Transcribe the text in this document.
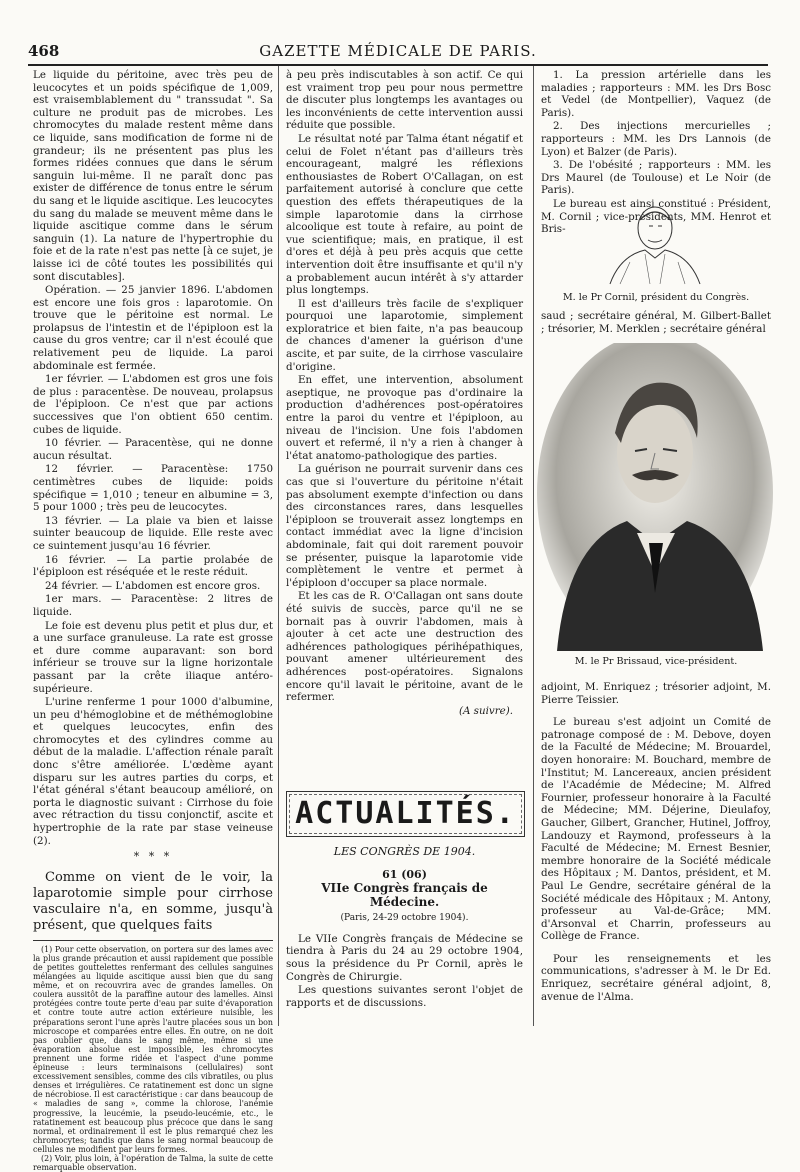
468	GAZETTE MÉDICALE DE PARIS.

Le liquide du péritoine, avec très peu de leucocytes et un poids spécifique de 1,009, est vraisemblablement du " transsudat ". Sa culture ne produit pas de microbes. Les chromocytes du malade restent même dans ce liquide, sans modification de forme ni de grandeur; ils ne présentent pas plus les formes ridées connues que dans le sérum sanguin lui-même. Il ne paraît donc pas exister de différence de tonus entre le sérum du sang et le liquide ascitique. Les leucocytes du sang du malade se meuvent même dans le liquide ascitique comme dans le sérum sanguin (1). La nature de l'hypertrophie du foie et de la rate n'est pas nette [à ce sujet, je laisse ici de côté toutes les possibilités qui sont discutables].

Opération. — 25 janvier 1896. L'abdomen est encore une fois gros : laparotomie. On trouve que le péritoine est normal. Le prolapsus de l'intestin et de l'épiploon est la cause du gros ventre; car il n'est écoulé que relativement peu de liquide. La paroi abdominale est fermée.

1er février. — L'abdomen est gros une fois de plus : paracentèse. De nouveau, prolapsus de l'épiploon. Ce n'est que par actions successives que l'on obtient 650 centim. cubes de liquide.

10 février. — Paracentèse, qui ne donne aucun résultat.

12 février. — Paracentèse: 1750 centimètres cubes de liquide: poids spécifique = 1,010 ; teneur en albumine = 3, 5 pour 1000 ; très peu de leucocytes.

13 février. — La plaie va bien et laisse suinter beaucoup de liquide. Elle reste avec ce suintement jusqu'au 16 février.

16 février. — La partie prolabée de l'épiploon est réséquée et le reste réduit.

24 février. — L'abdomen est encore gros.

1er mars. — Paracentèse: 2 litres de liquide.

Le foie est devenu plus petit et plus dur, et a une surface granuleuse. La rate est grosse et dure comme auparavant: son bord inférieur se trouve sur la ligne horizontale passant par la crête iliaque antéro-supérieure.

L'urine renferme 1 pour 1000 d'albumine, un peu d'hémoglobine et de méthémoglobine et quelques leucocytes, enfin des chromocytes et des cylindres comme au début de la maladie. L'affection rénale paraît donc s'être améliorée. L'œdème ayant disparu sur les autres parties du corps, et l'état général s'étant beaucoup amélioré, on porta le diagnostic suivant : Cirrhose du foie avec rétraction du tissu conjonctif, ascite et hypertrophie de la rate par stase veineuse (2).

* * *

Comme on vient de le voir, la laparotomie simple pour cirrhose vasculaire n'a, en somme, jusqu'à présent, que quelques faits

(1) Pour cette observation, on portera sur des lames avec la plus grande précaution et aussi rapidement que possible de petites gouttelettes renfermant des cellules sanguines mélangées au liquide ascitique aussi bien que du sang même, et on recouvrira avec de grandes lamelles. On coulera aussitôt de la paraffine autour des lamelles. Ainsi protégées contre toute perte d'eau par suite d'évaporation et contre toute autre action extérieure nuisible, les préparations seront l'une après l'autre placées sous un bon microscope et comparées entre elles. En outre, on ne doit pas oublier que, dans le sang même, même si une évaporation absolue est impossible, les chromocytes prennent une forme ridée et l'aspect d'une pomme épineuse : leurs terminaisons (cellulaires) sont excessivement sensibles, comme des cils vibratiles, ou plus denses et irrégulières. Ce ratatinement est donc un signe de nécrobiose. Il est caractéristique : car dans beaucoup de « maladies de sang », comme la chlorose, l'anémie progressive, la leucémie, la pseudo-leucémie, etc., le ratatinement est beaucoup plus précoce que dans le sang normal, et ordinairement il est le plus remarqué chez les chromocytes; tandis que dans le sang normal beaucoup de cellules ne modifient par leurs formes.

(2) Voir, plus loin, à l'opération de Talma, la suite de cette remarquable observation.

à peu près indiscutables à son actif. Ce qui est vraiment trop peu pour nous permettre de discuter plus longtemps les avantages ou les inconvénients de cette intervention aussi réduite que possible.

Le résultat noté par Talma étant négatif et celui de Folet n'étant pas d'ailleurs très encourageant, malgré les réflexions enthousiastes de Robert O'Callagan, on est parfaitement autorisé à conclure que cette question des effets thérapeutiques de la simple laparotomie dans la cirrhose alcoolique est toute à refaire, au point de vue scientifique; mais, en pratique, il est d'ores et déjà à peu près acquis que cette intervention doit être insuffisante et qu'il n'y a probablement aucun intérêt à s'y attarder plus longtemps.

Il est d'ailleurs très facile de s'expliquer pourquoi une laparotomie, simplement exploratrice et bien faite, n'a pas beaucoup de chances d'amener la guérison d'une ascite, et par suite, de la cirrhose vasculaire d'origine.

En effet, une intervention, absolument aseptique, ne provoque pas d'ordinaire la production d'adhérences post-opératoires entre la paroi du ventre et l'épiploon, au niveau de l'incision. Une fois l'abdomen ouvert et refermé, il n'y a rien à changer à l'état anatomo-pathologique des parties.

La guérison ne pourrait survenir dans ces cas que si l'ouverture du péritoine n'était pas absolument exempte d'infection ou dans des circonstances rares, dans lesquelles l'épiploon se trouverait assez longtemps en contact immédiat avec la ligne d'incision abdominale, fait qui doit rarement pouvoir se présenter, puisque la laparotomie vide complètement le ventre et permet à l'épiploon d'occuper sa place normale.

Et les cas de R. O'Callagan ont sans doute été suivis de succès, parce qu'il ne se bornait pas à ouvrir l'abdomen, mais à ajouter à cet acte une destruction des adhérences pathologiques périhépathiques, pouvant amener ultérieurement des adhérences post-opératoires. Signalons encore qu'il lavait le péritoine, avant de le refermer.

(A suivre).
ACTUALITÉS.
LES CONGRÈS DE 1904.
61 (06)
VIIe Congrès français de Médecine.
(Paris, 24-29 octobre 1904).

Le VIIe Congrès français de Médecine se tiendra à Paris du 24 au 29 octobre 1904, sous la présidence du Pr Cornil, après le Congrès de Chirurgie.

Les questions suivantes seront l'objet de rapports et de discussions.

1. La pression artérielle dans les maladies ; rapporteurs : MM. les Drs Bosc et Vedel (de Montpellier), Vaquez (de Paris).

2. Des injections mercurielles ; rapporteurs : MM. les Drs Lannois (de Lyon) et Balzer (de Paris).

3. De l'obésité ; rapporteurs : MM. les Drs Maurel (de Toulouse) et Le Noir (de Paris).

Le bureau est ainsi constitué : Président, M. Cornil ; vice-présidents, MM. Henrot et Bris-

M. le Pr Cornil, président du Congrès.

saud ; secrétaire général, M. Gilbert-Ballet ; trésorier, M. Merklen ; secrétaire général

M. le Pr Brissaud, vice-président.

adjoint, M. Enriquez ; trésorier adjoint, M. Pierre Teissier.

Le bureau s'est adjoint un Comité de patronage composé de : M. Debove, doyen de la Faculté de Médecine; M. Brouardel, doyen honoraire: M. Bouchard, membre de l'Institut; M. Lancereaux, ancien président de l'Académie de Médecine; M. Alfred Fournier, professeur honoraire à la Faculté de Médecine; MM. Déjerine, Dieulafoy, Gaucher, Gilbert, Grancher, Hutinel, Joffroy, Landouzy et Raymond, professeurs à la Faculté de Médecine; M. Ernest Besnier, membre honoraire de la Société médicale des Hôpitaux ; M. Dantos, président, et M. Paul Le Gendre, secrétaire général de la Société médicale des Hôpitaux ; M. Antony, professeur au Val-de-Grâce; MM. d'Arsonval et Charrin, professeurs au Collège de France.

Pour les renseignements et les communications, s'adresser à M. le Dr Ed. Enriquez, secrétaire général adjoint, 8, avenue de l'Alma.
